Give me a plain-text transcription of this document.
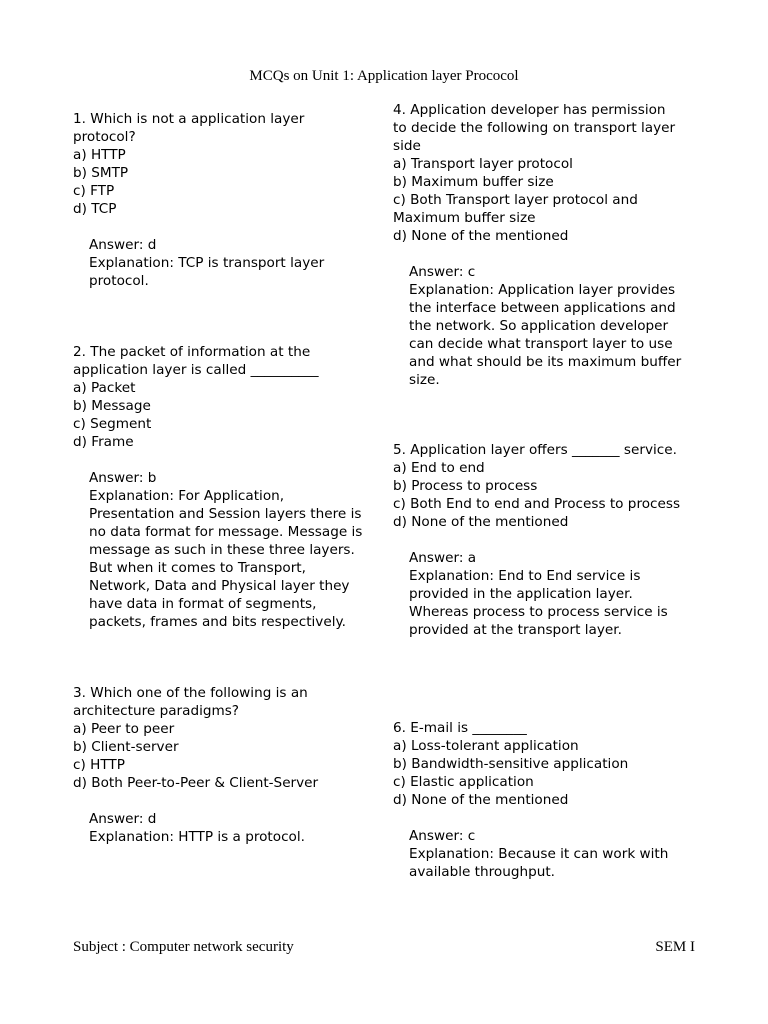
MCQs on Unit 1: Application layer Prococol
1. Which is not a application layer
protocol?
a) HTTP
b) SMTP
c) FTP
d) TCP
Answer: d
Explanation: TCP is transport layer
protocol.
2. The packet of information at the
application layer is called __________
a) Packet
b) Message
c) Segment
d) Frame
Answer: b
Explanation: For Application,
Presentation and Session layers there is
no data format for message. Message is
message as such in these three layers.
But when it comes to Transport,
Network, Data and Physical layer they
have data in format of segments,
packets, frames and bits respectively.
3. Which one of the following is an
architecture paradigms?
a) Peer to peer
b) Client-server
c) HTTP
d) Both Peer-to-Peer & Client-Server
Answer: d
Explanation: HTTP is a protocol.
4. Application developer has permission
to decide the following on transport layer
side
a) Transport layer protocol
b) Maximum buffer size
c) Both Transport layer protocol and
Maximum buffer size
d) None of the mentioned
Answer: c
Explanation: Application layer provides
the interface between applications and
the network. So application developer
can decide what transport layer to use
and what should be its maximum buffer
size.
5. Application layer offers _______ service.
a) End to end
b) Process to process
c) Both End to end and Process to process
d) None of the mentioned
Answer: a
Explanation: End to End service is
provided in the application layer.
Whereas process to process service is
provided at the transport layer.
6. E-mail is ________
a) Loss-tolerant application
b) Bandwidth-sensitive application
c) Elastic application
d) None of the mentioned
Answer: c
Explanation: Because it can work with
available throughput.
Subject : Computer network security	SEM I
